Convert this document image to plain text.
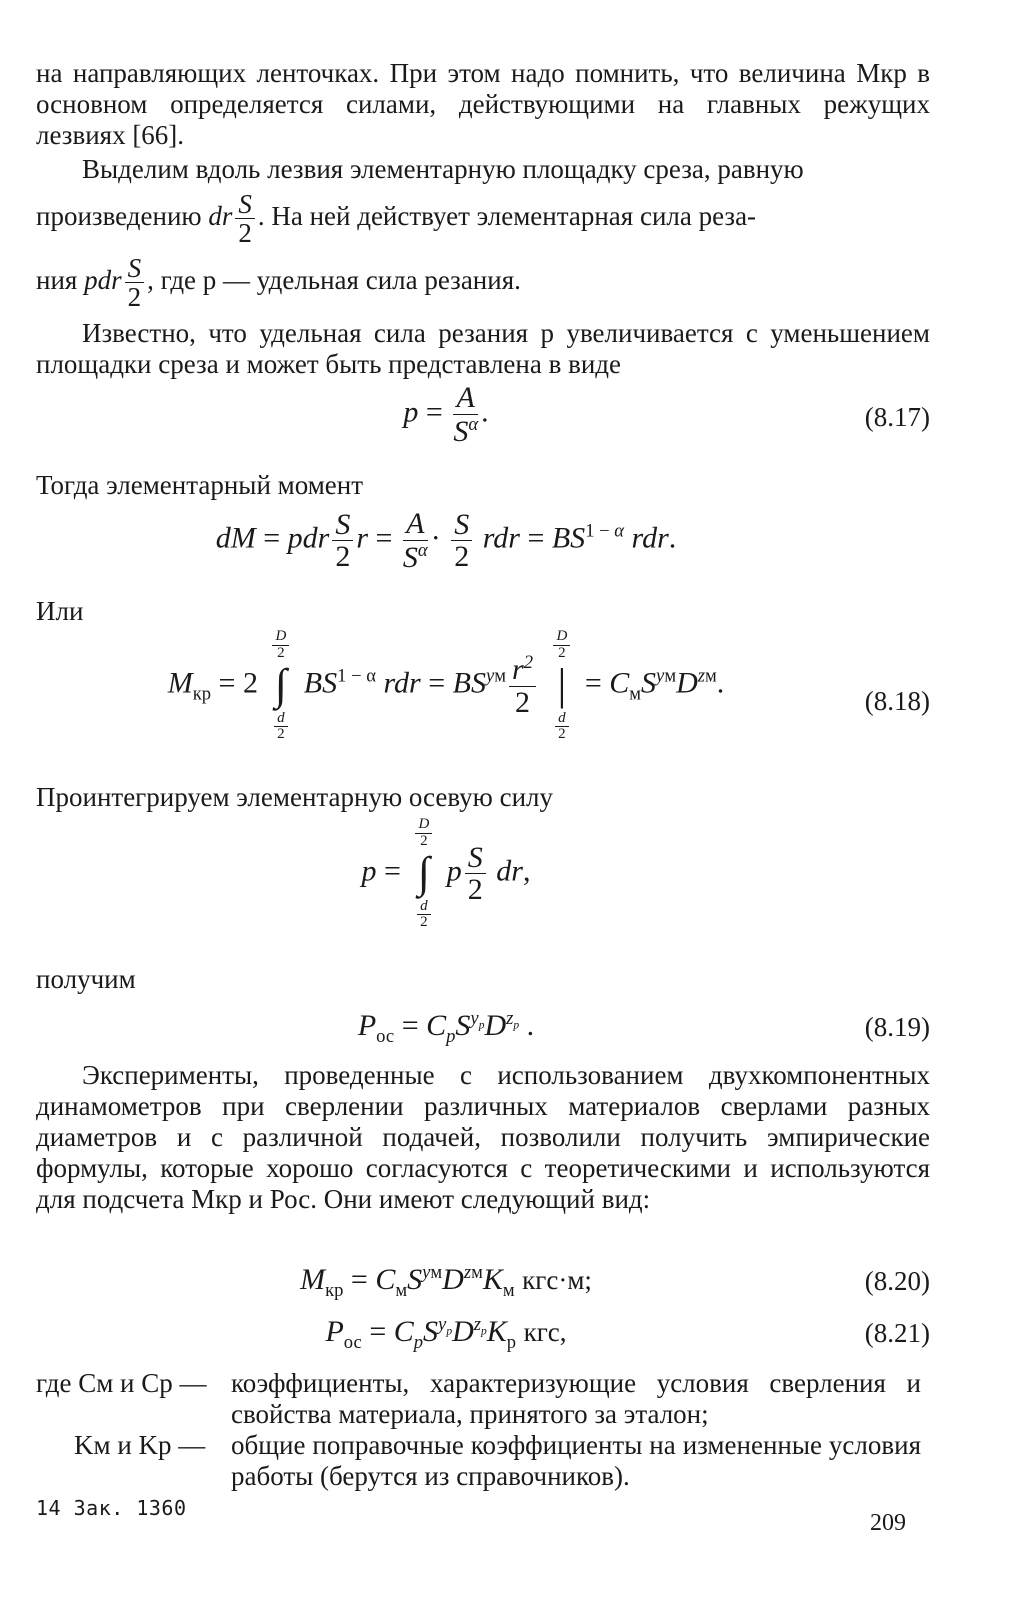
на направляющих ленточках. При этом надо помнить, что величина Мкр в основном определяется силами, действующими на главных режущих лезвиях [66].
Выделим вдоль лезвия элементарную площадку среза, равную
произведению dr $\frac{S}{2}$ . На ней действует элементарная сила реза-
ния pdr $\frac{S}{2}$ , где p — удельная сила резания.
Известно, что удельная сила резания p увеличивается с уменьшением площадки среза и может быть представлена в виде
$p = \frac{A}{S^\alpha}$ .	(8.17)
Тогда элементарный момент
dM = pdr $\frac{S}{2}$ $r = \frac{A}{S^\alpha} \cdot \frac{S}{2}$ rdr = $BS^{1 - \alpha}$ rdr.
Или
$M_{кр} = 2$
$\frac{D}{2}$
∫
$\frac{d}{2}$
$BS^{1 - \alpha}$ rdr = $BS^{yм} \frac{r^2}{2}$

$\frac{D}{2}$
|
$\frac{d}{2}$
= $C_мS^{yм}D^{zм}$.
(8.18)
Проинтегрируем элементарную осевую силу
p =
$\frac{D}{2}$
∫
$\frac{d}{2}$
p $\frac{S}{2}$ dr,
получим
$P_{ос} = C_pS^{y_p}D^{z_p}$ .	(8.19)
Эксперименты, проведенные с использованием двухкомпонентных динамометров при сверлении различных материалов сверлами разных диаметров и с различной подачей, позволили получить эмпирические формулы, которые хорошо согласуются с теоретическими и используются для подсчета Мкр и Рос. Они имеют следующий вид:
$M_{кр} = C_мS^{yм}D^{zм}K_м$ кгс·м;	(8.20)
$P_{ос} = C_pS^{y_p}D^{z_p}K_р$ кгс,	(8.21)
где Cм и Cp — коэффициенты, характеризующие условия сверления и свойства материала, принятого за эталон;
Kм и Kp — общие поправочные коэффициенты на измененные условия работы (берутся из справочников).
14 Зак. 1360
209
